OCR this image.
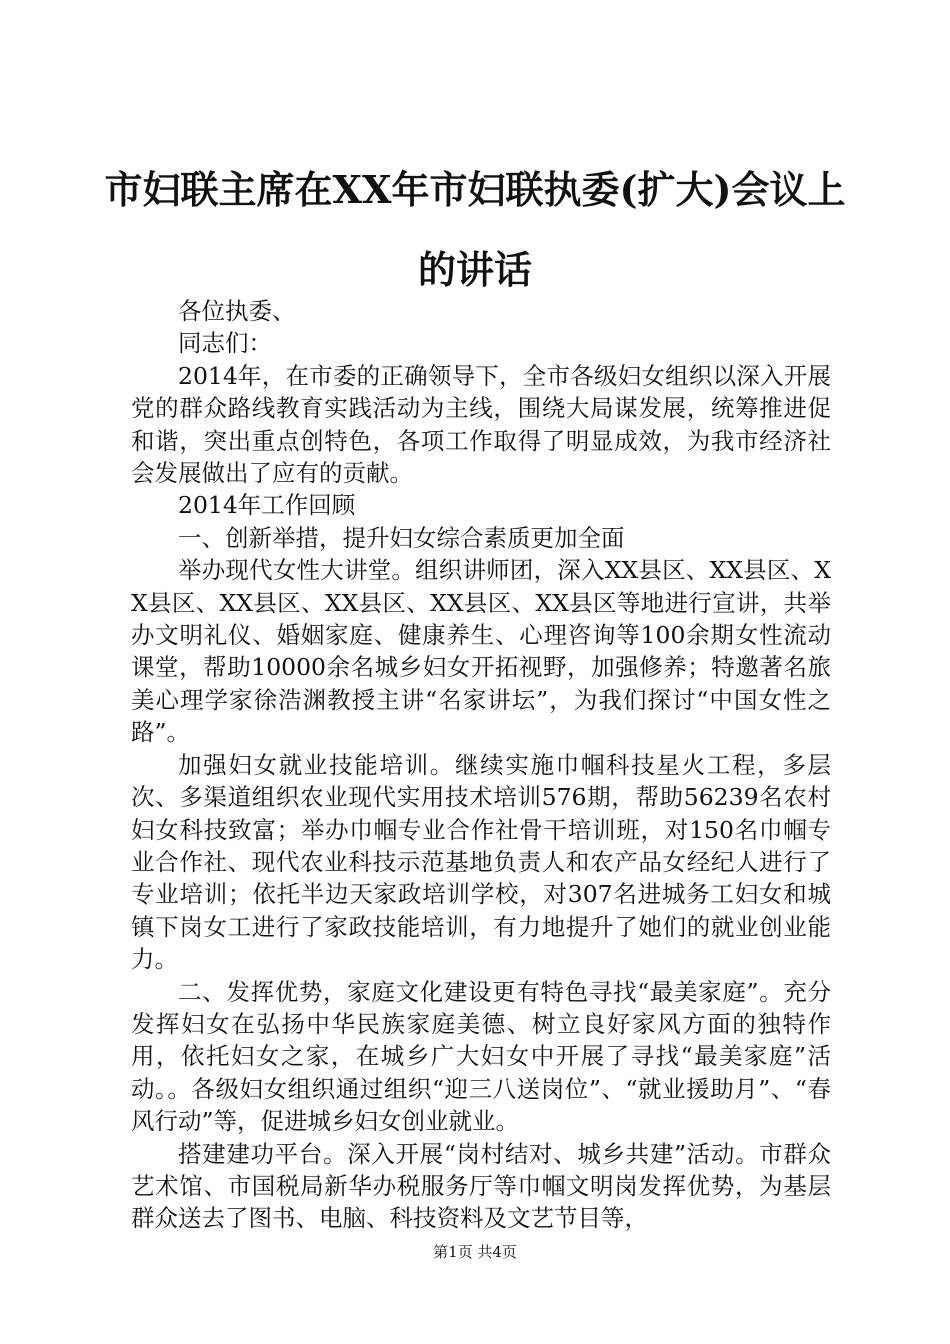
市妇联主席在XX年市妇联执委(扩大)会议上的讲话

各位执委、

同志们：

2014年，在市委的正确领导下，全市各级妇女组织以深入开展党的群众路线教育实践活动为主线，围绕大局谋发展，统筹推进促和谐，突出重点创特色，各项工作取得了明显成效，为我市经济社会发展做出了应有的贡献。

2014年工作回顾

一、创新举措，提升妇女综合素质更加全面

举办现代女性大讲堂。组织讲师团，深入XX县区、XX县区、XX县区、XX县区、XX县区、XX县区、XX县区等地进行宣讲，共举办文明礼仪、婚姻家庭、健康养生、心理咨询等100余期女性流动课堂，帮助10000余名城乡妇女开拓视野，加强修养；特邀著名旅美心理学家徐浩渊教授主讲“名家讲坛”，为我们探讨“中国女性之路”。

加强妇女就业技能培训。继续实施巾帼科技星火工程，多层次、多渠道组织农业现代实用技术培训576期，帮助56239名农村妇女科技致富；举办巾帼专业合作社骨干培训班，对150名巾帼专业合作社、现代农业科技示范基地负责人和农产品女经纪人进行了专业培训；依托半边天家政培训学校，对307名进城务工妇女和城镇下岗女工进行了家政技能培训，有力地提升了她们的就业创业能力。

二、发挥优势，家庭文化建设更有特色寻找“最美家庭”。充分发挥妇女在弘扬中华民族家庭美德、树立良好家风方面的独特作用，依托妇女之家，在城乡广大妇女中开展了寻找“最美家庭”活动。。各级妇女组织通过组织“迎三八送岗位”、“就业援助月”、“春风行动”等，促进城乡妇女创业就业。

搭建建功平台。深入开展“岗村结对、城乡共建”活动。市群众艺术馆、市国税局新华办税服务厅等巾帼文明岗发挥优势，为基层群众送去了图书、电脑、科技资料及文艺节目等，

第1页 共4页
